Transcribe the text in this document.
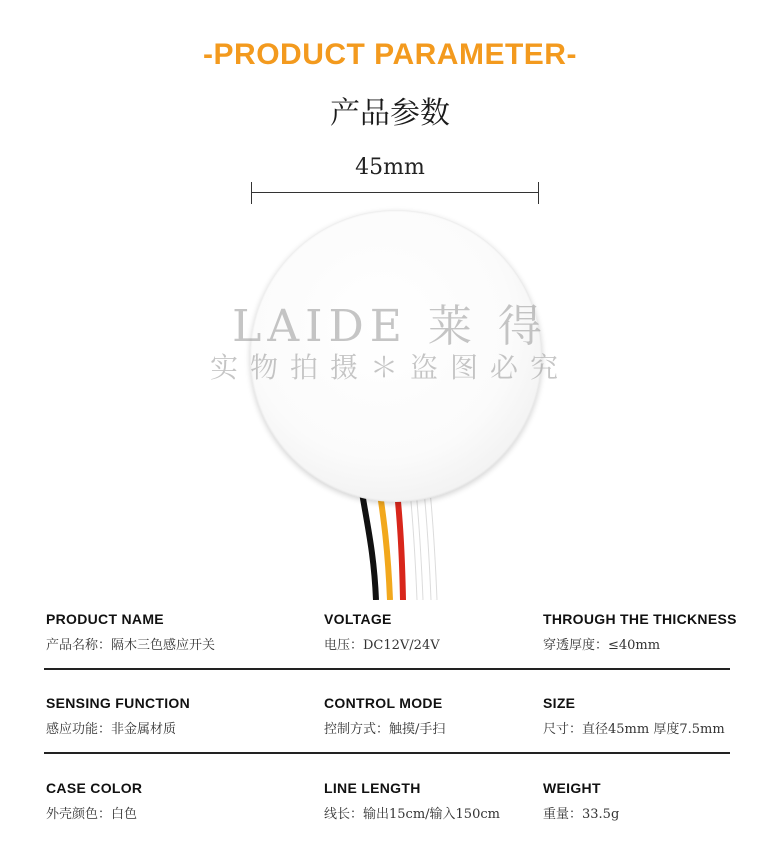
-PRODUCT PARAMETER-
产品参数
45mm
LAIDE 莱 得
实物拍摄＊盗图必究
PRODUCT NAME
产品名称：隔木三色感应开关
VOLTAGE
电压：DC12V/24V
THROUGH THE THICKNESS
穿透厚度：≤40mm
SENSING FUNCTION
感应功能：非金属材质
CONTROL MODE
控制方式：触摸/手扫
SIZE
尺寸：直径45mm 厚度7.5mm
CASE COLOR
外壳颜色：白色
LINE LENGTH
线长：输出15cm/输入150cm
WEIGHT
重量：33.5g
